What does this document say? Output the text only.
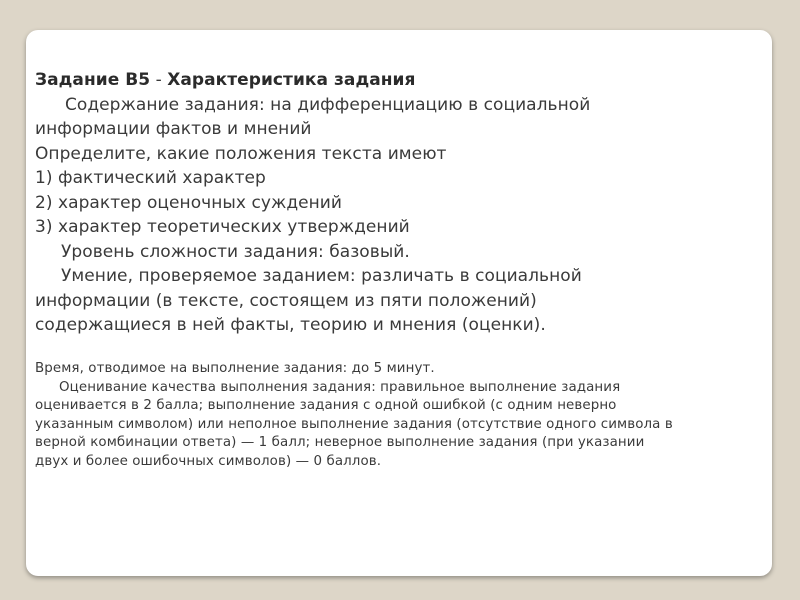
Задание В5 - Характеристика задания

Содержание задания: на дифференциацию в социальной

информации фактов и мнений

Определите, какие положения текста имеют

1) фактический характер

2) характер оценочных суждений

3) характер теоретических утверждений

Уровень сложности задания: базовый.

Умение, проверяемое заданием: различать в социальной

информации (в тексте, состоящем из пяти положений)

содержащиеся в ней факты, теорию и мнения (оценки).

Время, отводимое на выполнение задания: до 5 минут.

Оценивание качества выполнения задания: правильное выполнение задания

оценивается в 2 балла; выполнение задания с одной ошибкой (с одним неверно

указанным символом) или неполное выполнение задания (отсутствие одного символа в

верной комбинации ответа) — 1 балл; неверное выполнение задания (при указании

двух и более ошибочных символов) — 0 баллов.
